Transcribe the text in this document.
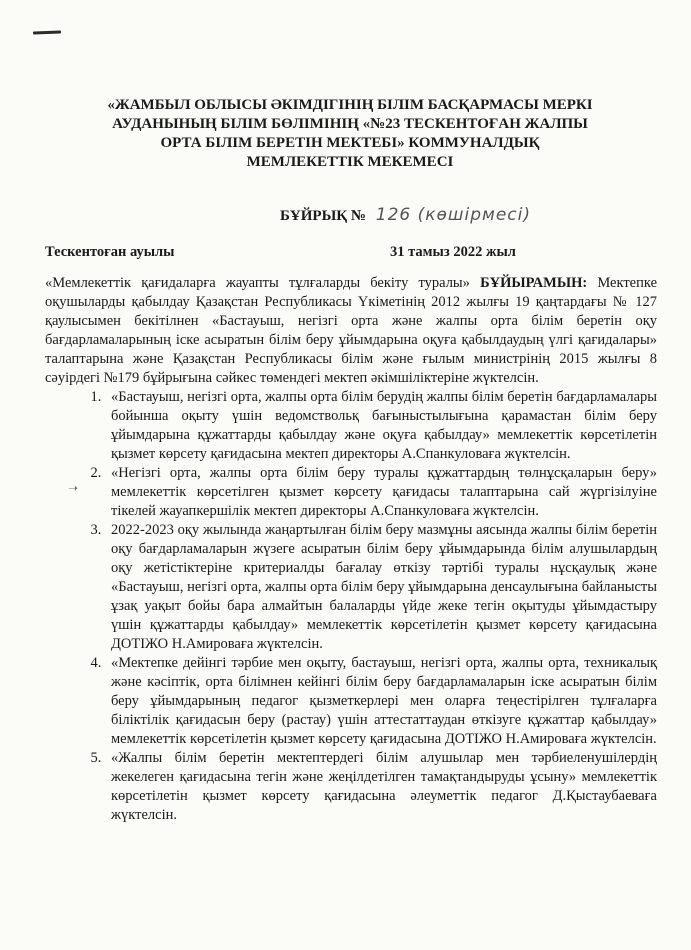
«ЖАМБЫЛ ОБЛЫСЫ ӘКІМДІГІНІҢ БІЛІМ БАСҚАРМАСЫ МЕРКІ
АУДАНЫНЫҢ БІЛІМ БӨЛІМІНІҢ «№23 ТЕСКЕНТОҒАН ЖАЛПЫ
ОРТА БІЛІМ БЕРЕТІН МЕКТЕБІ» КОММУНАЛДЫҚ
МЕМЛЕКЕТТІК МЕКЕМЕСІ
БҰЙРЫҚ № 126 (көшірмесі)
Тескентоған ауылы	31 тамыз 2022 жыл

«Мемлекеттік қағидаларға жауапты тұлғаларды бекіту туралы» БҰЙЫРАМЫН: Мектепке оқушыларды қабылдау Қазақстан Республикасы Үкіметінің 2012 жылғы 19 қаңтардағы № 127 қаулысымен бекітілнен «Бастауыш, негізгі орта және жалпы орта білім беретін оқу бағдарламаларының іске асыратын білім беру ұйымдарына оқуға қабылдаудың үлгі қағидалары» талаптарына және Қазақстан Республикасы білім және ғылым министрінің 2015 жылғы 8 сәуірдегі №179 бұйрығына сәйкес төмендегі мектеп әкімшіліктеріне жүктелсін.

1. «Бастауыш, негізгі орта, жалпы орта білім берудің жалпы білім беретін бағдарламалары бойынша оқыту үшін ведомствольқ бағыныстылығына қарамастан білім беру ұйымдарына құжаттарды қабылдау және оқуға қабылдау» мемлекеттік көрсетілетін қызмет көрсету қағидасына мектеп директоры А.Спанкуловаға жүктелсін.
2. «Негізгі орта, жалпы орта білім беру туралы құжаттардың төлнұсқаларын беру» мемлекеттік көрсетілген қызмет көрсету қағидасы талаптарына сай жүргізілуіне тікелей жауапкершілік мектеп директоры А.Спанкуловаға жүктелсін.
3. 2022-2023 оқу жылында жаңартылған білім беру мазмұны аясында жалпы білім беретін оқу бағдарламаларын жүзеге асыратын білім беру ұйымдарында білім алушылардың оқу жетістіктеріне критериалды бағалау өткізу тәртібі туралы нұсқаулық және «Бастауыш, негізгі орта, жалпы орта білім беру ұйымдарына денсаулығына байланысты ұзақ уақыт бойы бара алмайтын балаларды үйде жеке тегін оқытуды ұйымдастыру үшін құжаттарды қабылдау» мемлекеттік көрсетілетін қызмет көрсету қағидасына ДОТІЖО Н.Амироваға жүктелсін.
4. «Мектепке дейінгі тәрбие мен оқыту, бастауыш, негізгі орта, жалпы орта, техникалық және кәсіптік, орта білімнен кейінгі білім беру бағдарламаларын іске асыратын білім беру ұйымдарының педагог қызметкерлері мен оларға теңестірілген тұлғаларға біліктілік қағидасын беру (растау) үшін аттестаттаудан өткізуге құжаттар қабылдау» мемлекеттік көрсетілетін қызмет көрсету қағидасына ДОТІЖО Н.Амироваға жүктелсін.
5. «Жалпы білім беретін мектептердегі білім алушылар мен тәрбиеленушілердің жекелеген қағидасына тегін және жеңілдетілген тамақтандыруды ұсыну» мемлекеттік көрсетілетін қызмет көрсету қағидасына әлеуметтік педагог Д.Қыстаубаеваға жүктелсін.
➝
